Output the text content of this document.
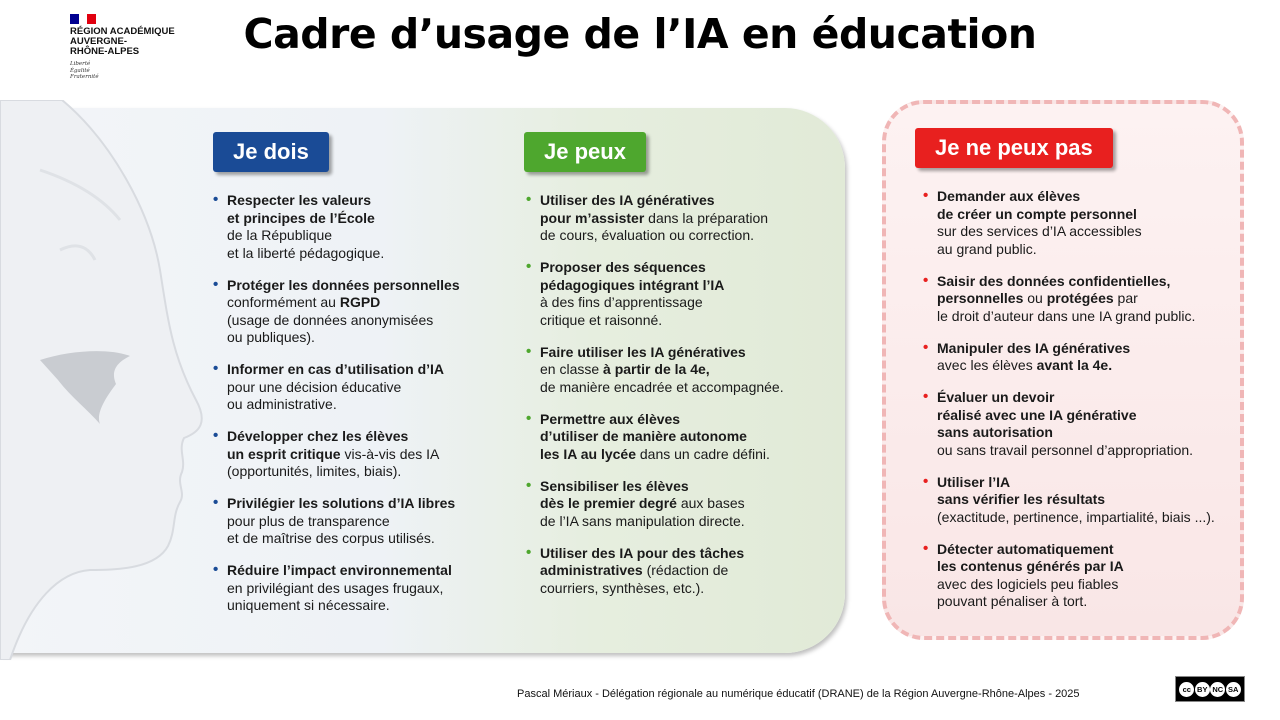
RÉGION ACADÉMIQUE
AUVERGNE-
RHÔNE-ALPES
Liberté
Égalité
Fraternité
Cadre d’usage de l’IA en éducation
Je dois
• Respecter les valeurs
et principes de l’École
de la République
et la liberté pédagogique.
• Protéger les données personnelles
conformément au RGPD
(usage de données anonymisées
ou publiques).
• Informer en cas d’utilisation d’IA
pour une décision éducative
ou administrative.
• Développer chez les élèves
un esprit critique vis-à-vis des IA
(opportunités, limites, biais).
• Privilégier les solutions d’IA libres
pour plus de transparence
et de maîtrise des corpus utilisés.
• Réduire l’impact environnemental
en privilégiant des usages frugaux,
uniquement si nécessaire.
Je peux
• Utiliser des IA génératives
pour m’assister dans la préparation
de cours, évaluation ou correction.
• Proposer des séquences
pédagogiques intégrant l’IA
à des fins d’apprentissage
critique et raisonné.
• Faire utiliser les IA génératives
en classe à partir de la 4e,
de manière encadrée et accompagnée.
• Permettre aux élèves
d’utiliser de manière autonome
les IA au lycée dans un cadre défini.
• Sensibiliser les élèves
dès le premier degré aux bases
de l’IA sans manipulation directe.
• Utiliser des IA pour des tâches
administratives (rédaction de
courriers, synthèses, etc.).
Je ne peux pas
• Demander aux élèves
de créer un compte personnel
sur des services d’IA accessibles
au grand public.
• Saisir des données confidentielles,
personnelles ou protégées par
le droit d’auteur dans une IA grand public.
• Manipuler des IA génératives
avec les élèves avant la 4e.
• Évaluer un devoir
réalisé avec une IA générative
sans autorisation
ou sans travail personnel d’appropriation.
• Utiliser l’IA
sans vérifier les résultats
(exactitude, pertinence, impartialité, biais ...).
• Détecter automatiquement
les contenus générés par IA
avec des logiciels peu fiables
pouvant pénaliser à tort.
Pascal Mériaux - Délégation régionale au numérique éducatif (DRANE) de la Région Auvergne-Rhône-Alpes - 2025	cc BY NC SA
